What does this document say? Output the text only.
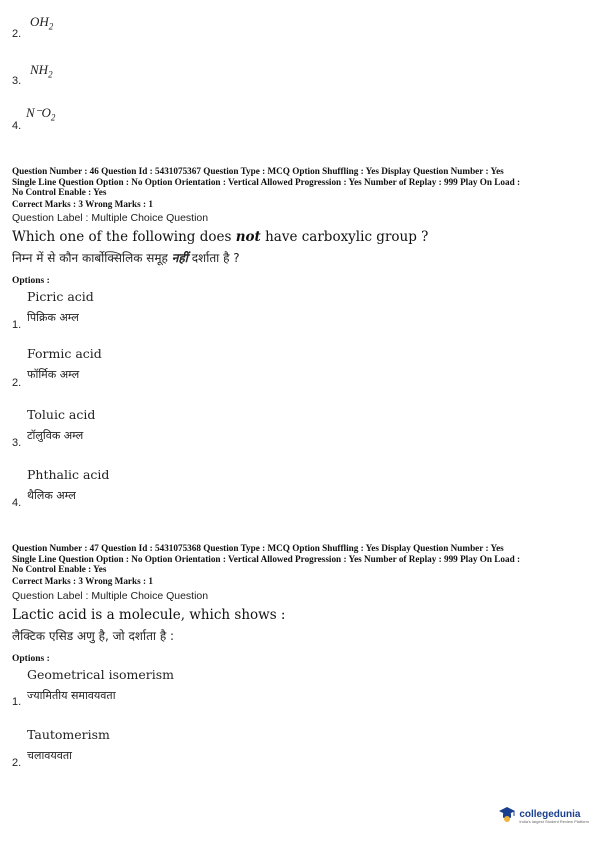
$OH_2$
2.
$NH_2$
3.
$N^-O_2$
4.
Question Number : 46 Question Id : 5431075367 Question Type : MCQ Option Shuffling : Yes Display Question Number : Yes
Single Line Question Option : No Option Orientation : Vertical Allowed Progression : Yes Number of Replay : 999 Play On Load :
No Control Enable : Yes
Correct Marks : 3 Wrong Marks : 1
Question Label : Multiple Choice Question
Which one of the following does not have carboxylic group ?
निम्न में से कौन कार्बोक्सिलिक समूह नहीं दर्शाता है ?
Options :
Picric acid
पिक्रिक अम्ल
1.
Formic acid
फॉर्मिक अम्ल
2.
Toluic acid
टॉलुविक अम्ल
3.
Phthalic acid
थैलिक अम्ल
4.
Question Number : 47 Question Id : 5431075368 Question Type : MCQ Option Shuffling : Yes Display Question Number : Yes
Single Line Question Option : No Option Orientation : Vertical Allowed Progression : Yes Number of Replay : 999 Play On Load :
No Control Enable : Yes
Correct Marks : 3 Wrong Marks : 1
Question Label : Multiple Choice Question
Lactic acid is a molecule, which shows :
लैक्टिक एसिड अणु है, जो दर्शाता है :
Options :
Geometrical isomerism
ज्यामितीय समावयवता
1.
Tautomerism
चलावयवता
2.
collegedunia
India's largest Student Review Platform
